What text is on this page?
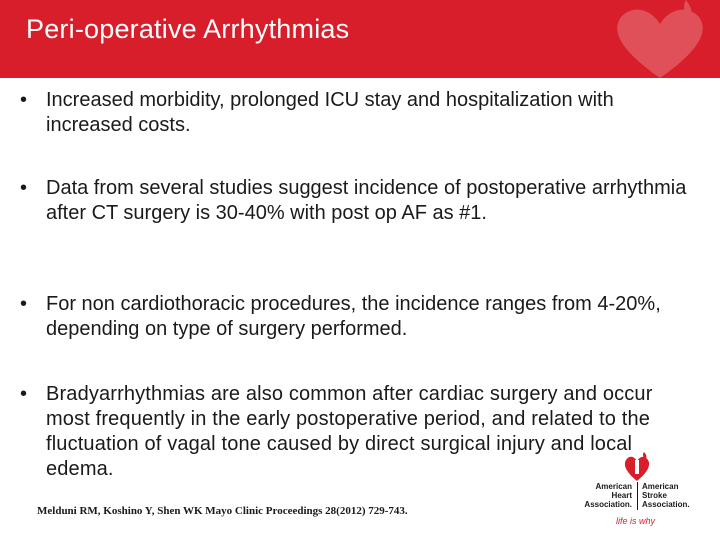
Peri-operative Arrhythmias
• Increased morbidity, prolonged ICU stay and hospitalization with increased costs.
• Data from several studies suggest incidence of postoperative arrhythmia after CT surgery is 30-40% with post op AF as #1.
• For non cardiothoracic procedures, the incidence ranges from 4-20%, depending on type of surgery performed.
• Bradyarrhythmias are also common after cardiac surgery and occur most frequently in the early postoperative period, and related to the fluctuation of vagal tone caused by direct surgical injury and local edema.
Melduni RM, Koshino Y, Shen WK Mayo Clinic Proceedings 28(2012) 729-743.
American
Heart
Association.
American
Stroke
Association.
life is why
